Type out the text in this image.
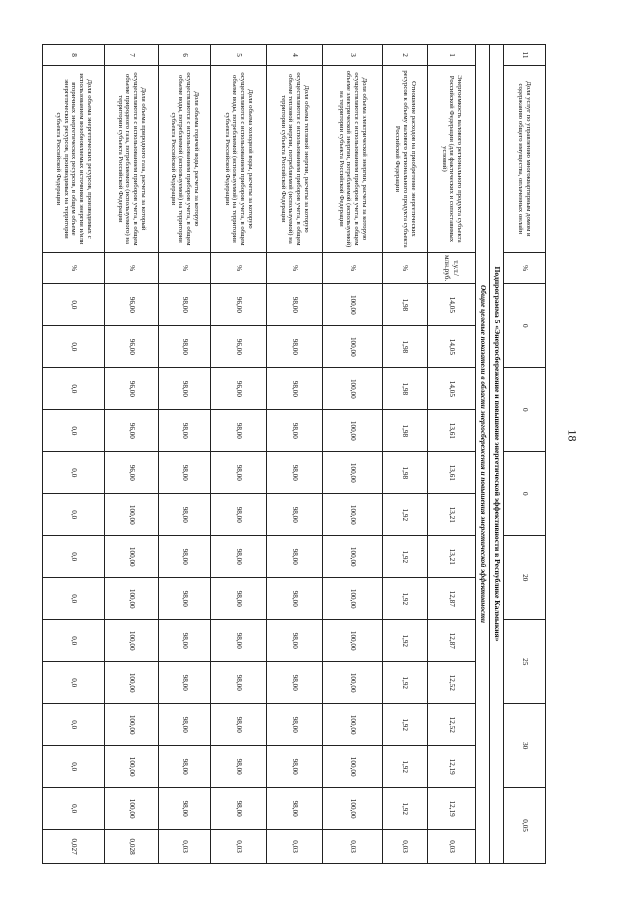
11	Доля услуг по управлению многоквартирным домом и содержанию общего имущества, оплаченных онлайн	%	0		0		0		20		25		30		0,05	
Подпрограмма 5 «Энергосбережение и повышение энергетической эффективности в Республике Калмыкия»																
Общие целевые показатели в области энергосбережения и повышения энергетической эффективности																
1	Энергоемкость валового регионального продукта субъекта Российской Федерации (для фактических и сопоставимых условий)	т.у.т./ млн.руб.	14,05	14,05	14,05	13,61	13,61	13,21	13,21	12,87	12,87	12,52	12,52	12,19	12,19	0,03
2	Отношение расходов на приобретение энергетических ресурсов к объему валового регионального продукта субъекта Российской Федерации	%	1,98	1,98	1,98	1,98	1,98	1,92	1,92	1,92	1,92	1,92	1,92	1,92	1,92	0,03
3	Доля объема электрической энергии, расчеты за которую осуществляются с использованием приборов учета, в общем объеме электрической энергии, потребляемой (используемой) на территории субъекта Российской Федерации	%	100,00	100,00	100,00	100,00	100,00	100,00	100,00	100,00	100,00	100,00	100,00	100,00	100,00	0,03
4	Доля объема тепловой энергии, расчеты за которую осуществляются с использованием приборов учета, в общем объеме тепловой энергии, потребляемой (используемой) на территории субъекта Российской Федерации	%	98,00	98,00	98,00	98,00	98,00	98,00	98,00	98,00	98,00	98,00	98,00	98,00	98,00	0,03
5	Доля объема холодной воды, расчеты за которую осуществляются с использованием приборов учета, в общем объеме воды, потребляемой (используемой) на территории субъекта Российской Федерации	%	96,00	96,00	96,00	98,00	98,00	98,00	98,00	98,00	98,00	98,00	98,00	98,00	98,00	0,03
6	Доля объема горячей воды, расчеты за которую осуществляются с использованием приборов учета, в общем объеме воды, потребляемой (используемой) на территории субъекта Российской Федерации	%	98,00	98,00	98,00	98,00	98,00	98,00	98,00	98,00	98,00	98,00	98,00	98,00	98,00	0,03
7	Доля объема природного газа, расчеты за который осуществляются с использованием приборов учета, в общем объеме природного газа, потребляемого (используемого) на территории субъекта Российской Федерации	%	96,00	96,00	96,00	96,00	96,00	100,00	100,00	100,00	100,00	100,00	100,00	100,00	100,00	0,028
8	Доля объема энергетических ресурсов, производимых с использованием возобновляемых источников энергии и/или вторичных энергетических ресурсов, в общем объеме энергетических ресурсов, производимых на территории субъекта Российской Федерации	%	0,0	0,0	0,0	0,0	0,0	0,0	0,0	0,0	0,0	0,0	0,0	0,0	0,0	0,027
18
